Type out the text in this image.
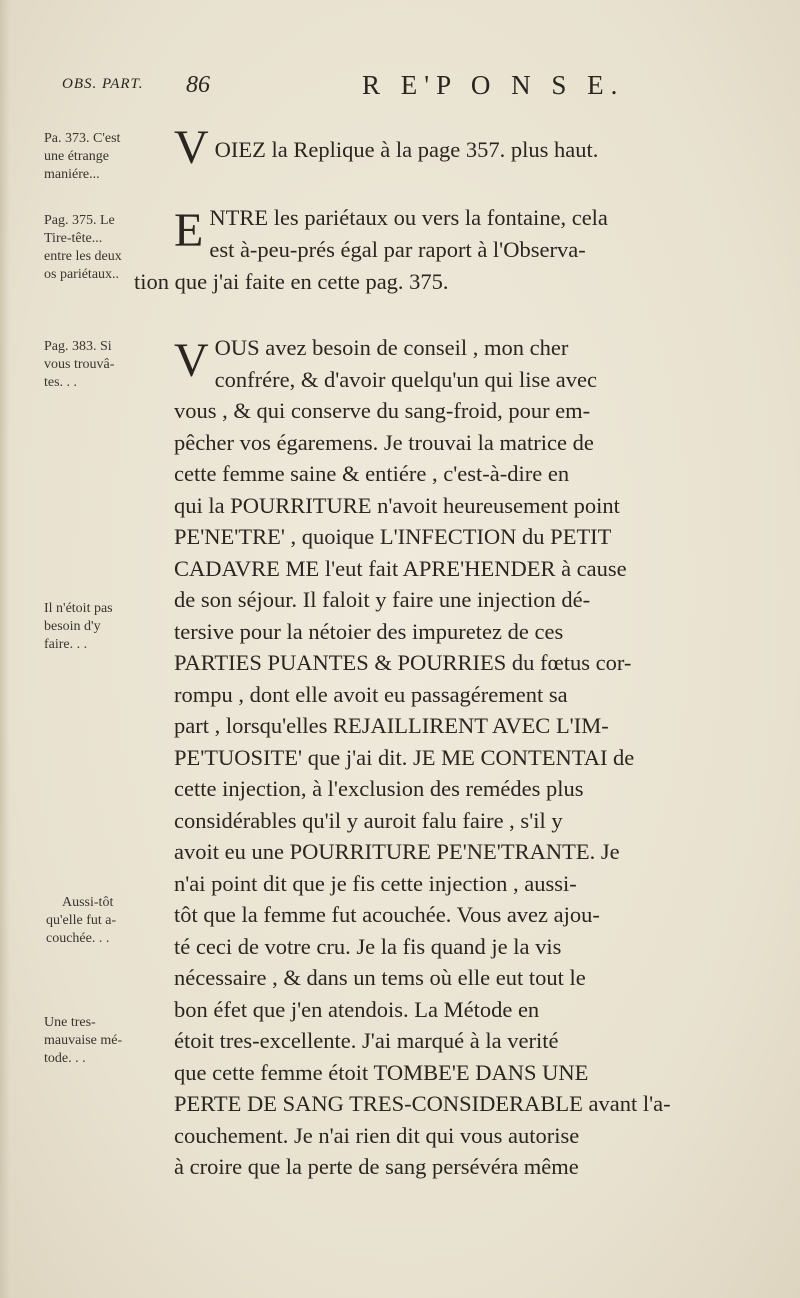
OBS. PART. 86	R E'P O N S E.
Pa. 373. C'est
une étrange
maniére...
Pag. 375. Le
Tire-tête...
entre les deux
os pariétaux..
Pag. 383. Si
vous trouvâ-
tes. . .
Il n'étoit pas
besoin d'y
faire. . .
Aussi-tôt
qu'elle fut a-
couchée. . .
Une tres-
mauvaise mé-
tode. . .
V OIEZ la Replique à la page 357. plus haut.
E NTRE les pariétaux ou vers la fontaine, cela
est à-peu-prés égal par raport à l'Observa-
tion que j'ai faite en cette pag. 375.
V OUS avez besoin de conseil , mon cher
confrére, & d'avoir quelqu'un qui lise avec
vous , & qui conserve du sang-froid, pour em-
pêcher vos égaremens. Je trouvai la matrice de
cette femme saine & entiére , c'est-à-dire en
qui la POURRITURE n'avoit heureusement point
PE'NE'TRE' , quoique L'INFECTION du PETIT
CADAVRE ME l'eut fait APRE'HENDER à cause
de son séjour. Il faloit y faire une injection dé-
tersive pour la nétoier des impuretez de ces
PARTIES PUANTES & POURRIES du fœtus cor-
rompu , dont elle avoit eu passagérement sa
part , lorsqu'elles REJAILLIRENT AVEC L'IM-
PE'TUOSITE' que j'ai dit. JE ME CONTENTAI de
cette injection, à l'exclusion des remédes plus
considérables qu'il y auroit falu faire , s'il y
avoit eu une POURRITURE PE'NE'TRANTE. Je
n'ai point dit que je fis cette injection , aussi-
tôt que la femme fut acouchée. Vous avez ajou-
té ceci de votre cru. Je la fis quand je la vis
nécessaire , & dans un tems où elle eut tout le
bon éfet que j'en atendois. La Métode en
étoit tres-excellente. J'ai marqué à la verité
que cette femme étoit TOMBE'E DANS UNE
PERTE DE SANG TRES-CONSIDERABLE avant l'a-
couchement. Je n'ai rien dit qui vous autorise
à croire que la perte de sang persévéra même
